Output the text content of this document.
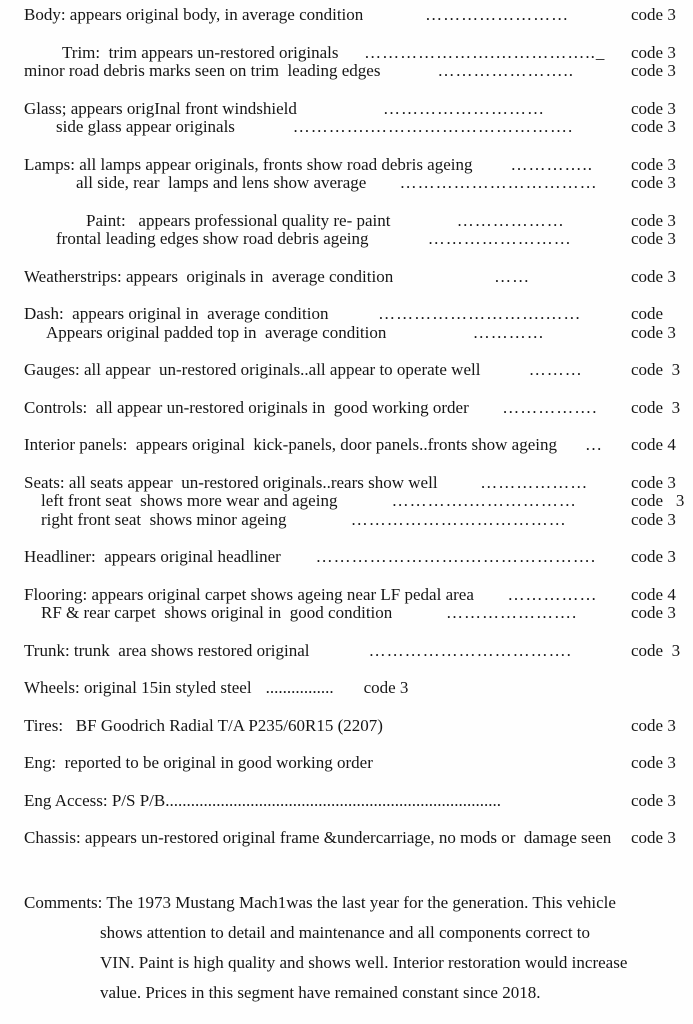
Body: appears original body, in average condition	……………………	code 3
Trim:  trim appears un-restored originals	………………….…………….._	code 3
minor road debris marks seen on trim  leading edges	…………………..	code 3
Glass; appears origInal front windshield	………………………	code 3
side glass appear originals	………….…………………………….	code 3
Lamps: all lamps appear originals, fronts show road debris ageing	…………..	code 3
all side, rear  lamps and lens show average	……………………………	code 3
Paint:   appears professional quality re- paint	………………	code 3
frontal leading edges show road debris ageing	……………………	code 3
Weatherstrips: appears  originals in  average condition	……	code 3
Dash:  appears original in  average condition	……………………….……	code
Appears original padded top in  average condition	…………	code 3
Gauges: all appear  un-restored originals..all appear to operate well	………	code  3
Controls:  all appear un-restored originals in  good working order	…………….	code  3
Interior panels:  appears original  kick-panels, door panels..fronts show ageing	…	code 4
Seats: all seats appear  un-restored originals..rears show well	………………	code 3
left front seat  shows more wear and ageing	………….………………	code   3
right front seat  shows minor ageing	………………………………	code 3
Headliner:  appears original headliner	…………………….………………….	code 3
Flooring: appears original carpet shows ageing near LF pedal area	……………	code 4
RF & rear carpet  shows original in  good condition	………………….	code 3
Trunk: trunk  area shows restored original	…………………………….	code  3
Wheels: original 15in styled steel ................ code 3
Tires:   BF Goodrich Radial T/A P235/60R15 (2207)	code 3
Eng:  reported to be original in good working order	code 3
Eng Access: P/S P/B...............................................................................	code 3
Chassis: appears un-restored original frame &undercarriage, no mods or  damage seen code 3
Comments: The 1973 Mustang Mach1was the last year for the generation. This vehicle
shows attention to detail and maintenance and all components correct to
VIN. Paint is high quality and shows well. Interior restoration would increase
value. Prices in this segment have remained constant since 2018.
